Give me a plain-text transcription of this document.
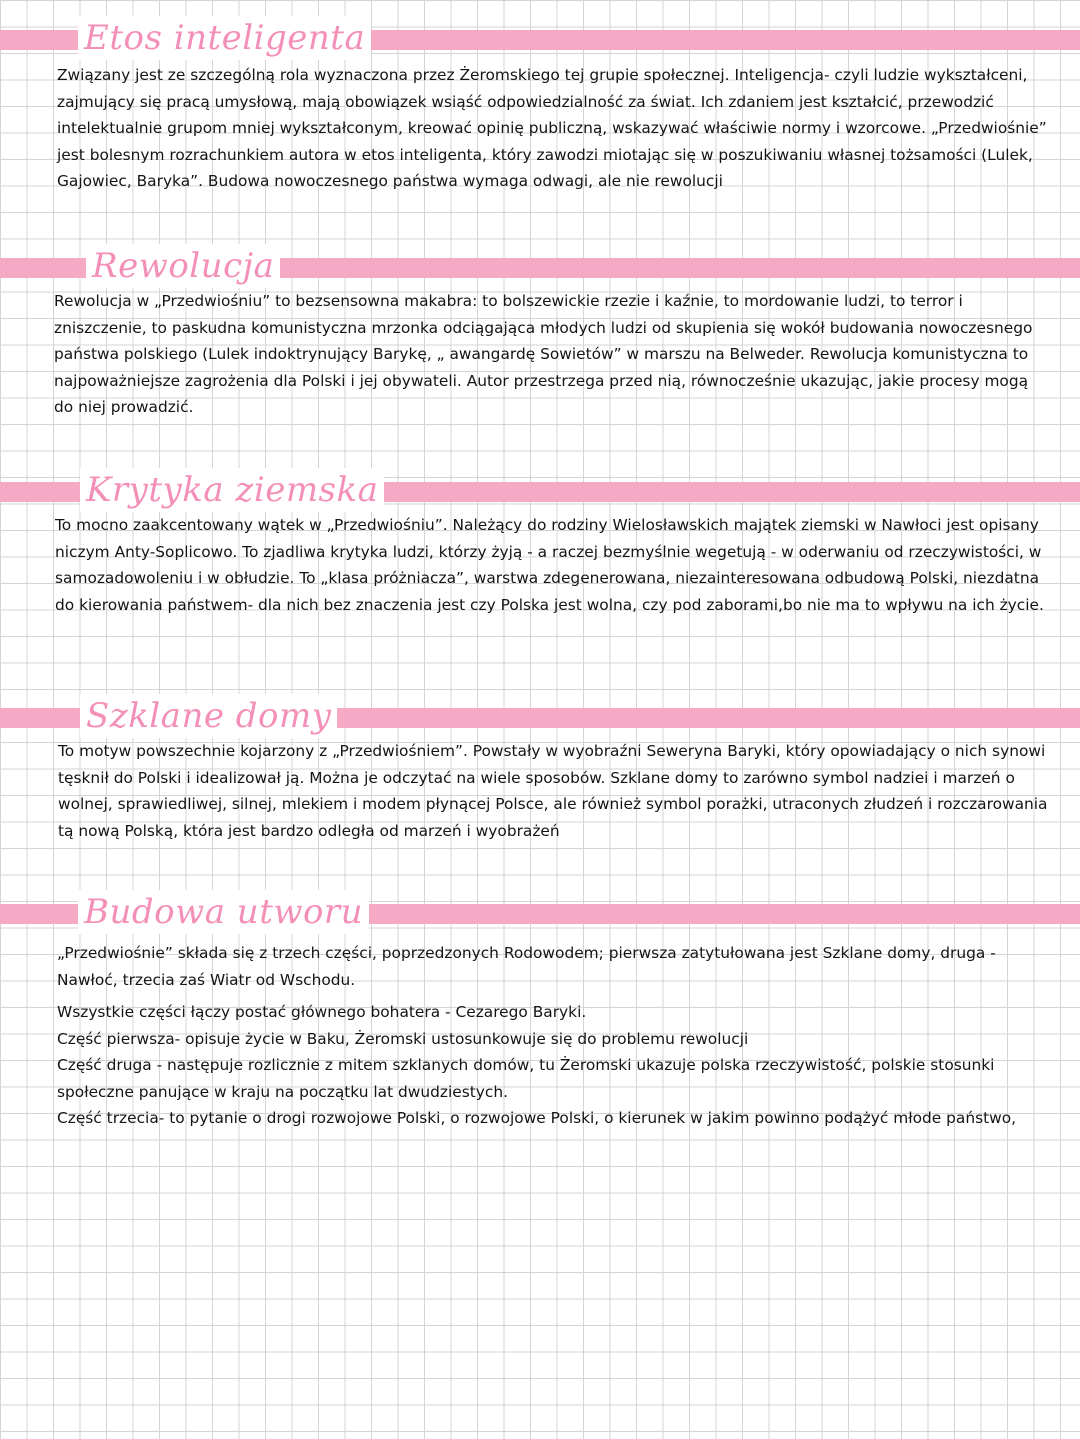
Etos inteligenta

Związany jest ze szczególną rola wyznaczona przez Żeromskiego tej grupie społecznej. Inteligencja- czyli ludzie wykształceni, zajmujący się pracą umysłową, mają obowiązek wsiąść odpowiedzialność za świat. Ich zdaniem jest kształcić, przewodzić intelektualnie grupom mniej wykształconym, kreować opinię publiczną, wskazywać właściwie normy i wzorcowe. „Przedwiośnie” jest bolesnym rozrachunkiem autora w etos inteligenta, który zawodzi miotając się w poszukiwaniu własnej tożsamości (Lulek, Gajowiec, Baryka”. Budowa nowoczesnego państwa wymaga odwagi, ale nie rewolucji

Rewolucja

Rewolucja w „Przedwiośniu” to bezsensowna makabra: to bolszewickie rzezie i kaźnie, to mordowanie ludzi, to terror i zniszczenie, to paskudna komunistyczna mrzonka odciągająca młodych ludzi od skupienia się wokół budowania nowoczesnego państwa polskiego (Lulek indoktrynujący Barykę, „ awangardę Sowietów” w marszu na Belweder. Rewolucja komunistyczna to najpoważniejsze zagrożenia dla Polski i jej obywateli. Autor przestrzega przed nią, równocześnie ukazując, jakie procesy mogą do niej prowadzić.

Krytyka ziemska

To mocno zaakcentowany wątek w „Przedwiośniu”. Należący do rodziny Wielosławskich majątek ziemski w Nawłoci jest opisany niczym Anty-Soplicowo. To zjadliwa krytyka ludzi, którzy żyją - a raczej bezmyślnie wegetują - w oderwaniu od rzeczywistości, w samozadowoleniu i w obłudzie. To „klasa próżniacza”, warstwa zdegenerowana, niezainteresowana odbudową Polski, niezdatna do kierowania państwem- dla nich bez znaczenia jest czy Polska jest wolna, czy pod zaborami,bo nie ma to wpływu na ich życie.

Szklane domy

To motyw powszechnie kojarzony z „Przedwiośniem”. Powstały w wyobraźni Seweryna Baryki, który opowiadający o nich synowi tęsknił do Polski i idealizował ją. Można je odczytać na wiele sposobów. Szklane domy to zarówno symbol nadziei i marzeń o wolnej, sprawiedliwej, silnej, mlekiem i modem płynącej Polsce, ale również symbol porażki, utraconych złudzeń i rozczarowania tą nową Polską, która jest bardzo odległa od marzeń i wyobrażeń

Budowa utworu

„Przedwiośnie” składa się z trzech części, poprzedzonych Rodowodem; pierwsza zatytułowana jest Szklane domy, druga - Nawłoć, trzecia zaś Wiatr od Wschodu.

Wszystkie części łączy postać głównego bohatera - Cezarego Baryki.

Część pierwsza- opisuje życie w Baku, Żeromski ustosunkowuje się do problemu rewolucji

Część druga - następuje rozlicznie z mitem szklanych domów, tu Żeromski ukazuje polska rzeczywistość, polskie stosunki społeczne panujące w kraju na początku lat dwudziestych.

Część trzecia- to pytanie o drogi rozwojowe Polski, o rozwojowe Polski, o kierunek w jakim powinno podążyć młode państwo,
